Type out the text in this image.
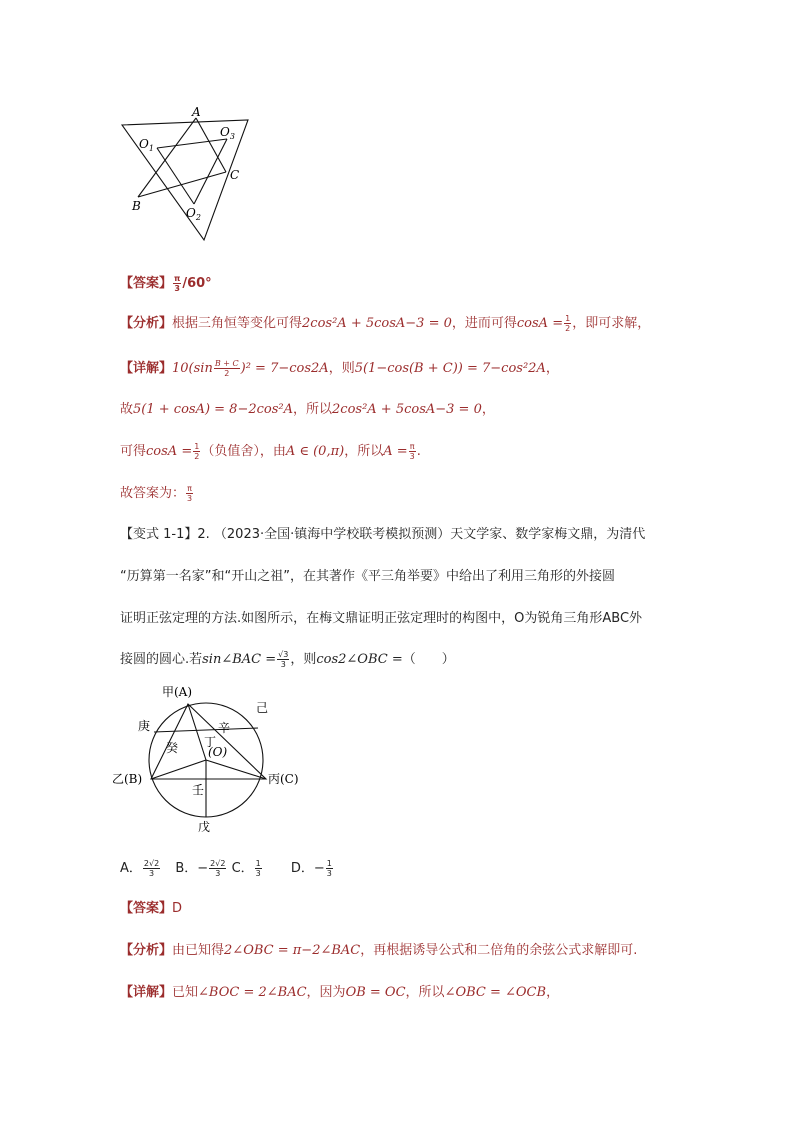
A
$O_1$
$O_3$
C
B	$O_2$
【答案】 $\frac{\pi}{3} /60^\circ$
【分析】根据三角恒等变化可得2cos²A + 5cosA−3 = 0，进而可得$\cos A = \frac{1}{2}$ ，即可求解，
【详解】$10(\sin \frac{B + C}{2} )^2 = 7-\cos 2A$，则5(1−cos(B + C)) = 7−cos²2A，
故5(1 + cosA) = 8−2cos²A，所以2cos²A + 5cosA−3 = 0，
可得$\cos A = \frac{1}{2}$ （负值舍），由A ∈ (0,π)，所以$A = \frac{\pi}{3}$ .
故答案为： $\frac{\pi}{3}$
【变式 1-1】2. （2023·全国·镇海中学校联考模拟预测）天文学家、数学家梅文鼎，为清代
“历算第一名家”和“开山之祖”，在其著作《平三角举要》中给出了利用三角形的外接圆
证明正弦定理的方法.如图所示，在梅文鼎证明正弦定理时的构图中，O为锐角三角形ABC外
接圆的圆心.若sin∠BAC = $\frac{√3}{3}$ ，则cos2∠OBC =（　　）
甲(A)
庚
己
辛
癸 丁
(O)
乙(B)	丙(C)
壬
戊
A． $\frac{2√2}{3}$ B．− $\frac{2√2}{3}$ C． $\frac{1}{3}$ D．− $\frac{1}{3}$
【答案】D
【分析】由已知得2∠OBC = π−2∠BAC，再根据诱导公式和二倍角的余弦公式求解即可.
【详解】已知∠BOC = 2∠BAC，因为OB = OC，所以∠OBC = ∠OCB，
